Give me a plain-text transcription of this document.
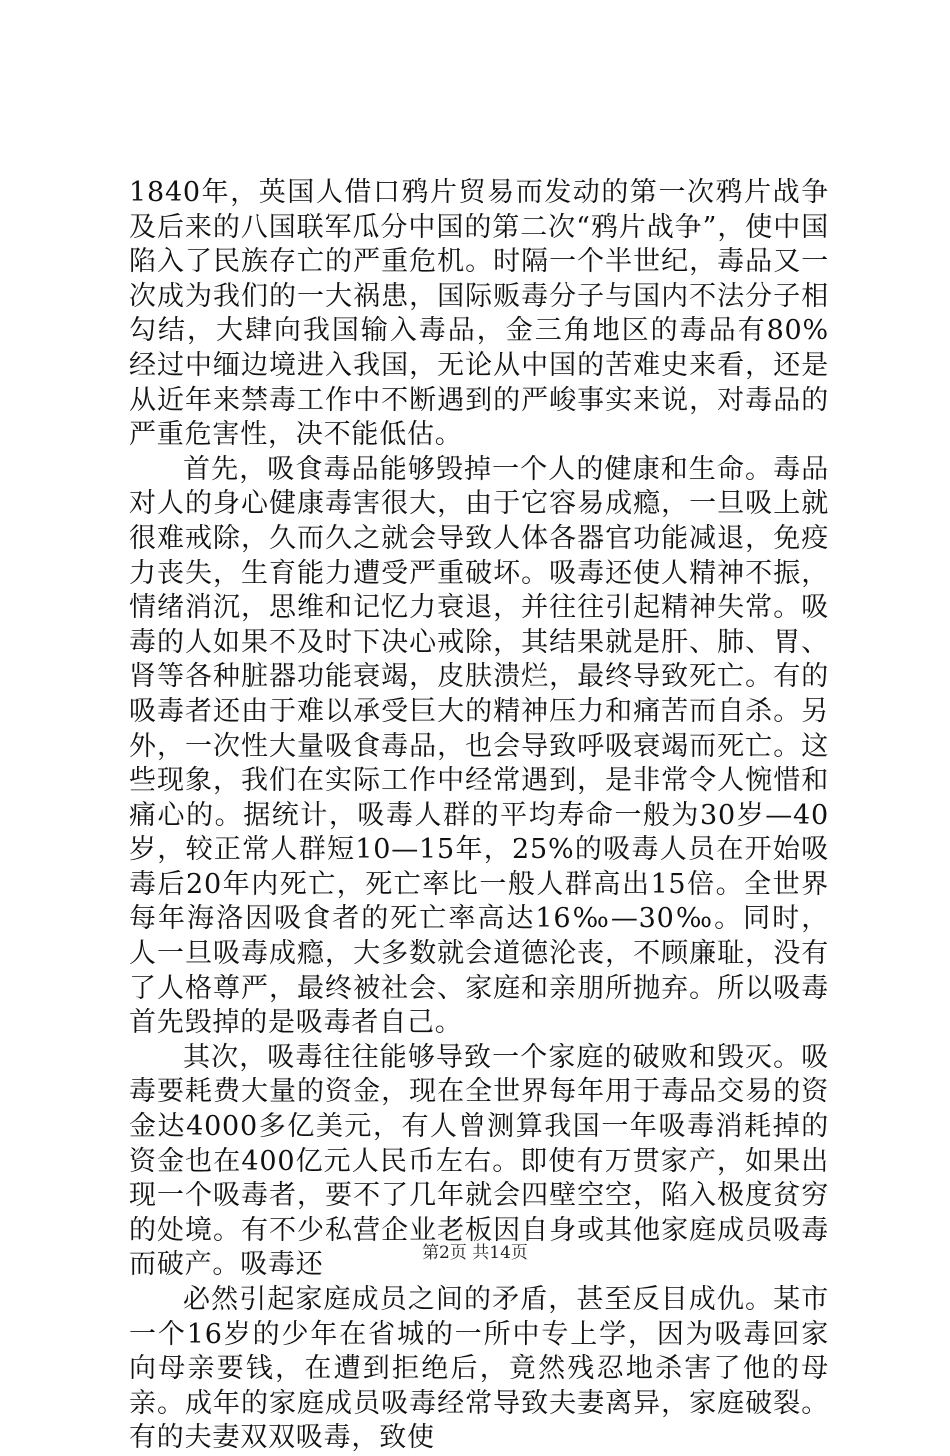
1840年，英国人借口鸦片贸易而发动的第一次鸦片战争及后来的八国联军瓜分中国的第二次“鸦片战争”，使中国陷入了民族存亡的严重危机。时隔一个半世纪，毒品又一次成为我们的一大祸患，国际贩毒分子与国内不法分子相勾结，大肆向我国输入毒品，金三角地区的毒品有80%经过中缅边境进入我国，无论从中国的苦难史来看，还是从近年来禁毒工作中不断遇到的严峻事实来说，对毒品的严重危害性，决不能低估。

首先，吸食毒品能够毁掉一个人的健康和生命。毒品对人的身心健康毒害很大，由于它容易成瘾，一旦吸上就很难戒除，久而久之就会导致人体各器官功能减退，免疫力丧失，生育能力遭受严重破坏。吸毒还使人精神不振，情绪消沉，思维和记忆力衰退，并往往引起精神失常。吸毒的人如果不及时下决心戒除，其结果就是肝、肺、胃、肾等各种脏器功能衰竭，皮肤溃烂，最终导致死亡。有的吸毒者还由于难以承受巨大的精神压力和痛苦而自杀。另外，一次性大量吸食毒品，也会导致呼吸衰竭而死亡。这些现象，我们在实际工作中经常遇到，是非常令人惋惜和痛心的。据统计，吸毒人群的平均寿命一般为30岁—40岁，较正常人群短10—15年，25%的吸毒人员在开始吸毒后20年内死亡，死亡率比一般人群高出15倍。全世界每年海洛因吸食者的死亡率高达16‰—30‰。同时，人一旦吸毒成瘾，大多数就会道德沦丧，不顾廉耻，没有了人格尊严，最终被社会、家庭和亲朋所抛弃。所以吸毒首先毁掉的是吸毒者自己。

其次，吸毒往往能够导致一个家庭的破败和毁灭。吸毒要耗费大量的资金，现在全世界每年用于毒品交易的资金达4000多亿美元，有人曾测算我国一年吸毒消耗掉的资金也在400亿元人民币左右。即使有万贯家产，如果出现一个吸毒者，要不了几年就会四壁空空，陷入极度贫穷的处境。有不少私营企业老板因自身或其他家庭成员吸毒而破产。吸毒还

必然引起家庭成员之间的矛盾，甚至反目成仇。某市一个16岁的少年在省城的一所中专上学，因为吸毒回家向母亲要钱，在遭到拒绝后，竟然残忍地杀害了他的母亲。成年的家庭成员吸毒经常导致夫妻离异，家庭破裂。有的夫妻双双吸毒，致使

第2页 共14页
